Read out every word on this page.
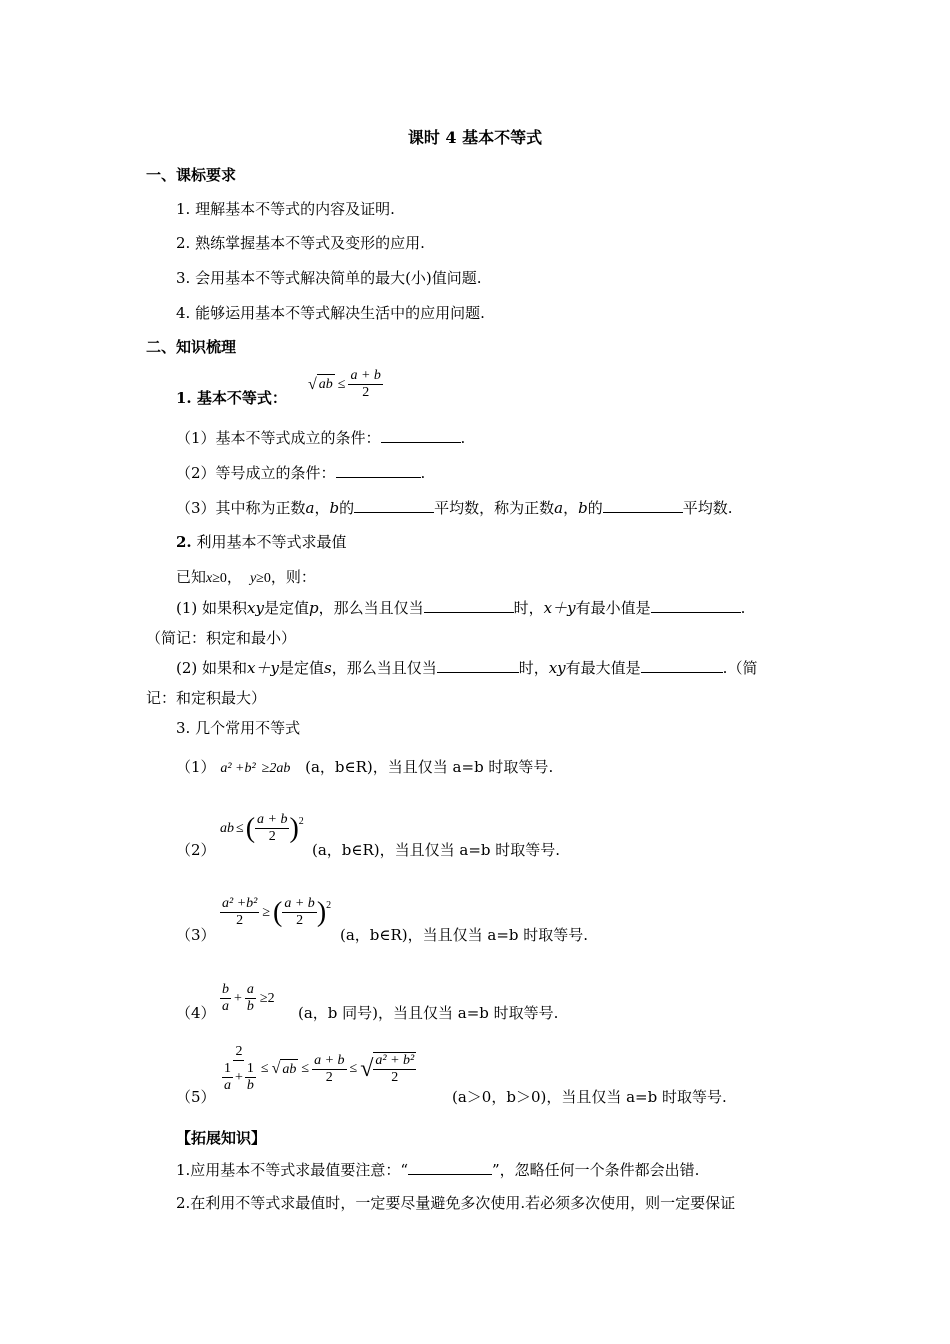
课时 4 基本不等式
一、课标要求
1. 理解基本不等式的内容及证明.
2. 熟练掌握基本不等式及变形的应用.
3. 会用基本不等式解决简单的最大(小)值问题.
4. 能够运用基本不等式解决生活中的应用问题.
二、知识梳理
1. 基本不等式：
√ ab ≤ $\frac{a + b}{2}$
（1）基本不等式成立的条件：	.
（2）等号成立的条件：	.
（3）其中称为正数a，b的	平均数，称为正数a，b的	平均数.
2. 利用基本不等式求最值
已知x≥0， y≥0，则：
(1) 如果积xy是定值p，那么当且仅当	时，x＋y有最小值是	.
（简记：积定和最小）
(2) 如果和x＋y是定值s，那么当且仅当	时，xy有最大值是	.（简
记：和定积最大）
3. 几个常用不等式
（1） a² +b² ≥2ab (a，b∈R)，当且仅当 a=b 时取等号.
（2）
ab ≤ ( $\frac{a + b}{2} )^2$
(a，b∈R)，当且仅当 a=b 时取等号.
（3）
$\frac{\text{a² +b²}}{2}$ ≥ ( $\frac{a + b}{2} )^2$
(a，b∈R)，当且仅当 a=b 时取等号.
$(4) \frac{b}{a} + \frac{a}{b} \ge 2$
(a，b 同号)，当且仅当 a=b 时取等号.
（5）
$\frac{2}{\frac{1}{a} + \frac{1}{b}}$ ≤ √ ab ≤ $\frac{a + b}{2}$ ≤ √ $\frac{\text{a² + b²}}{2}$
(a＞0，b＞0)，当且仅当 a=b 时取等号.
【拓展知识】
1.应用基本不等式求最值要注意：“	”，忽略任何一个条件都会出错.
2.在利用不等式求最值时，一定要尽量避免多次使用.若必须多次使用，则一定要保证
